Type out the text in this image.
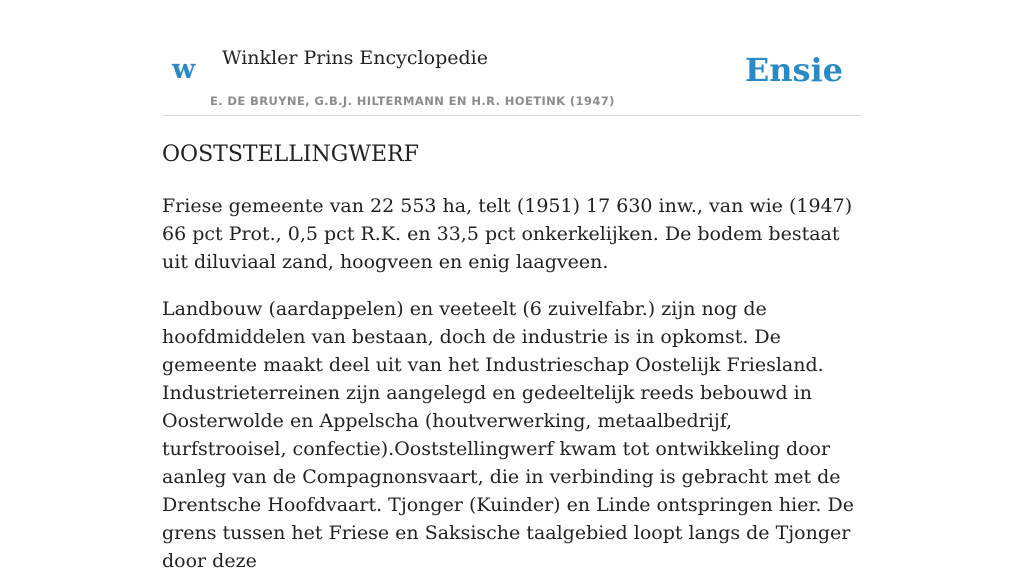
w Winkler Prins Encyclopedie
E. DE BRUYNE, G.B.J. HILTERMANN EN H.R. HOETINK (1947)
Ensie
OOSTSTELLINGWERF

Friese gemeente van 22 553 ha, telt (1951) 17 630 inw., van wie (1947) 66 pct Prot., 0,5 pct R.K. en 33,5 pct onkerkelijken. De bodem bestaat uit diluviaal zand, hoogveen en enig laagveen.

Landbouw (aardappelen) en veeteelt (6 zuivelfabr.) zijn nog de hoofdmiddelen van bestaan, doch de industrie is in opkomst. De gemeente maakt deel uit van het Industrieschap Oostelijk Friesland. Industrieterreinen zijn aangelegd en gedeeltelijk reeds bebouwd in Oosterwolde en Appelscha (houtverwerking, metaalbedrijf, turfstrooisel, confectie).Ooststellingwerf kwam tot ontwikkeling door aanleg van de Compagnonsvaart, die in verbinding is gebracht met de Drentsche Hoofdvaart. Tjonger (Kuinder) en Linde ontspringen hier. De grens tussen het Friese en Saksische taalgebied loopt langs de Tjonger door deze
